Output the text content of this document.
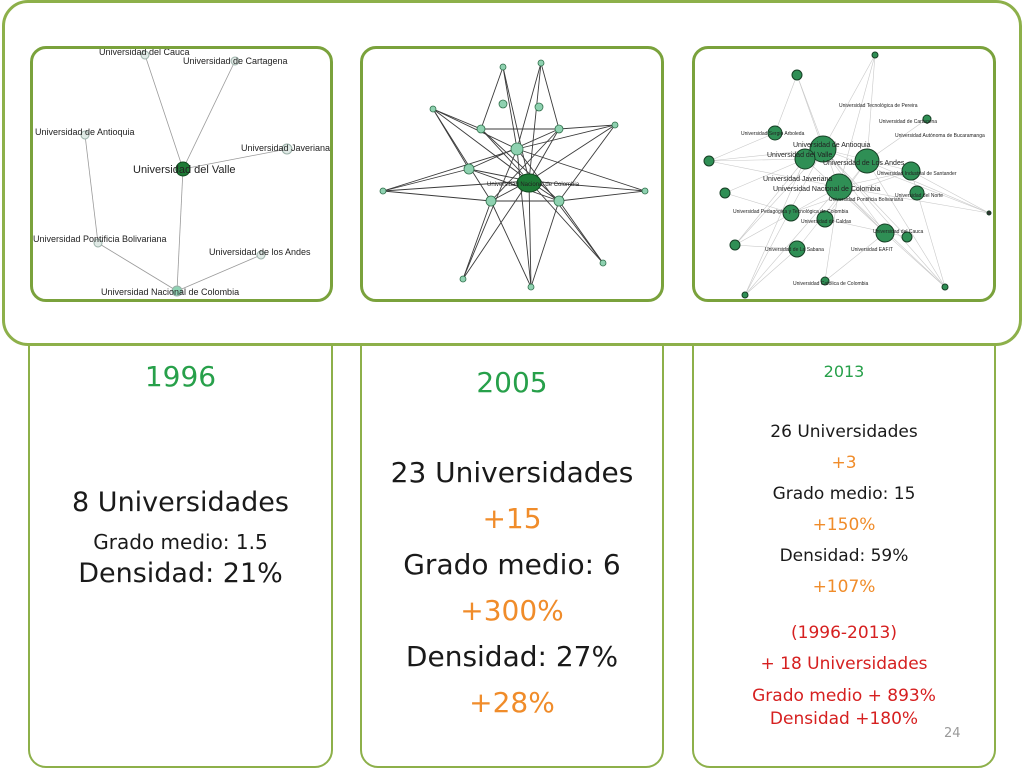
Universidad del Cauca
Universidad de Cartagena
Universidad de Antioquia
Universidad Javeriana
Universidad del Valle
Universidad Pontificia Bolivariana
Universidad de los Andes
Universidad Nacional de Colombia
Universidad Nacional de Colombia
Universidad de Cartagena
Universidad Tecnológica de Pereira
Universidad Sergio Arboleda	Universidad Autónoma de Bucaramanga
Universidad de Antioquia
Universidad del Valle
Universidad de Los Andes
Universidad Industrial de Santander
Universidad Javeriana
Universidad Nacional de Colombia
Universidad Pontificia Bolivariana
Universidad del Norte
Universidad Pedagógica y Tecnológica de Colombia
Universidad de Caldas
Universidad del Cauca
Universidad de La Sabana	Universidad EAFIT
Universidad Católica de Colombia
1996
8 Universidades
Grado medio: 1.5
Densidad: 21%
2005
23 Universidades
+15
Grado medio: 6
+300%
Densidad: 27%
+28%
2013
26 Universidades
+3
Grado medio: 15
+150%
Densidad: 59%
+107%
(1996-2013)
+ 18 Universidades
Grado medio + 893%
Densidad +180%
24
